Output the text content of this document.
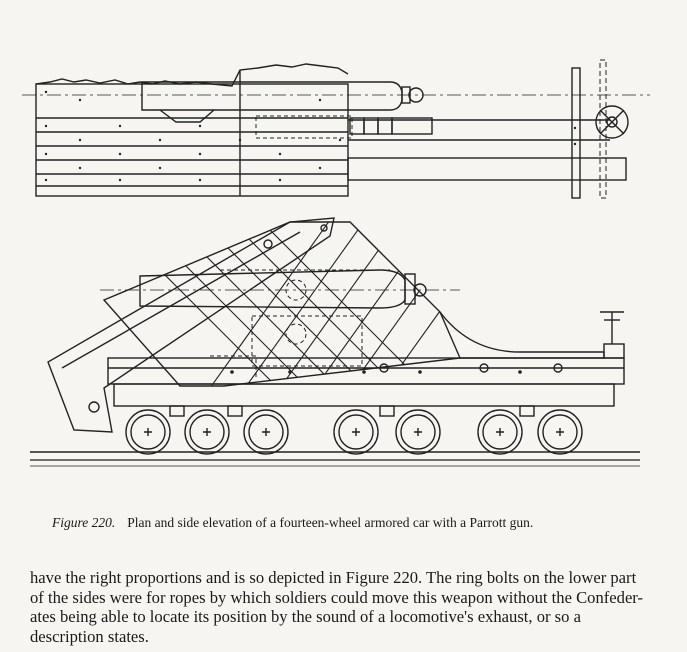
Figure 220. Plan and side elevation of a fourteen-wheel armored car with a Parrott gun.
have the right proportions and is so depicted in Figure 220. The ring bolts on the lower part
of the sides were for ropes by which soldiers could move this weapon without the Confeder-
ates being able to locate its position by the sound of a locomotive's exhaust, or so a
description states.
